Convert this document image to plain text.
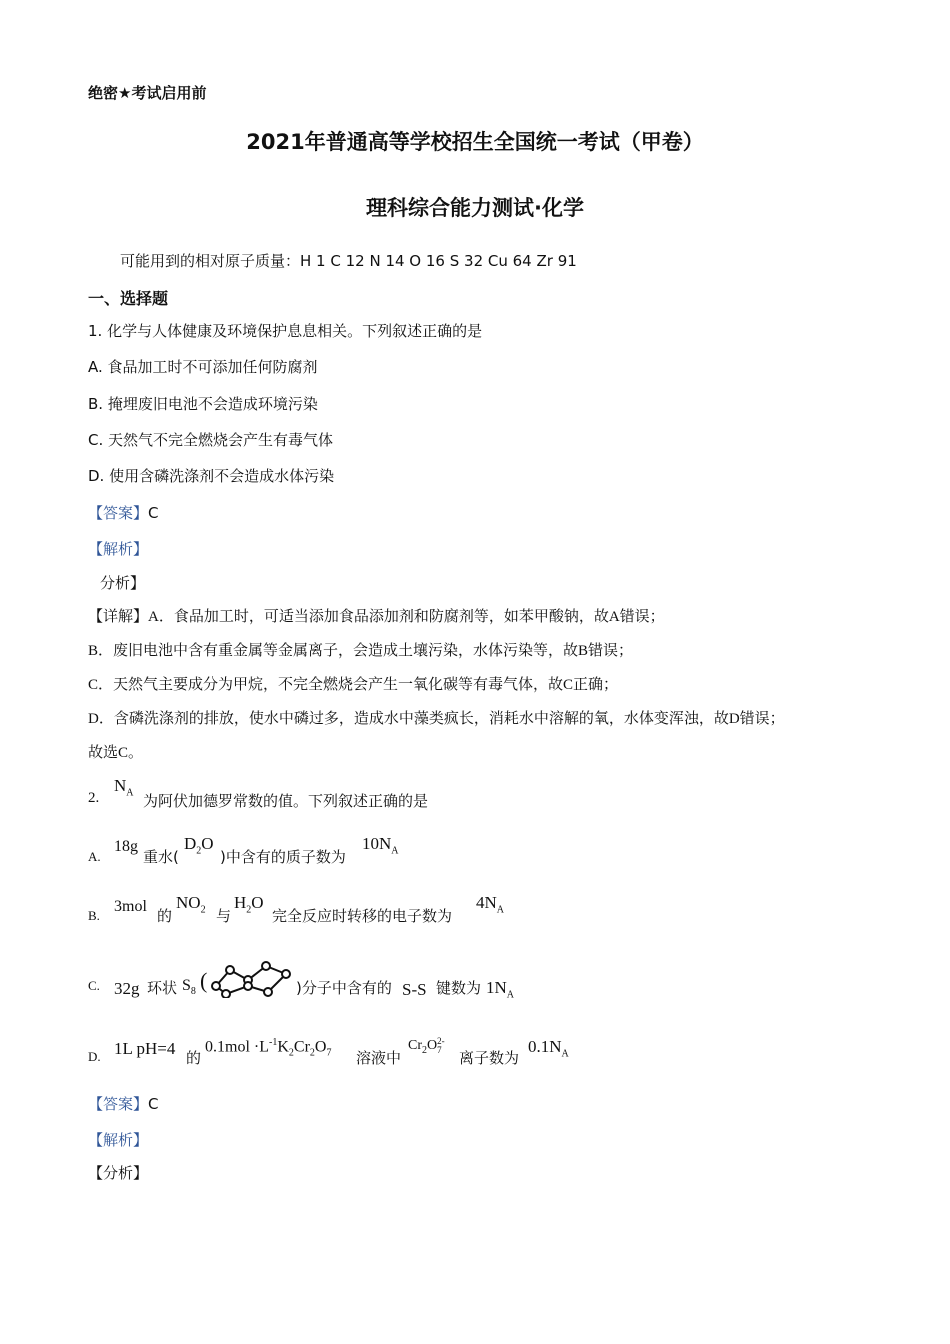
绝密★考试启用前
2021年普通高等学校招生全国统一考试（甲卷）
理科综合能力测试·化学
可能用到的相对原子质量：H 1 C 12 N 14 O 16 S 32 Cu 64 Zr 91
一、选择题
1. 化学与人体健康及环境保护息息相关。下列叙述正确的是
A. 食品加工时不可添加任何防腐剂
B. 掩埋废旧电池不会造成环境污染
C. 天然气不完全燃烧会产生有毒气体
D. 使用含磷洗涤剂不会造成水体污染
【答案】C
【解析】
分析】
【详解】A．食品加工时，可适当添加食品添加剂和防腐剂等，如苯甲酸钠，故A错误；
B．废旧电池中含有重金属等金属离子，会造成土壤污染，水体污染等，故B错误；
C．天然气主要成分为甲烷，不完全燃烧会产生一氧化碳等有毒气体，故C正确；
D．含磷洗涤剂的排放，使水中磷过多，造成水中藻类疯长，消耗水中溶解的氧，水体变浑浊，故D错误；
故选C。
2.
$N_A$ 为阿伏加德罗常数的值。下列叙述正确的是
A.
18g
重水(
$D_2O$
)中含有的质子数为
$10N_A$
B.
3mol
的
$NO_2$ 与
$H_2O$
完全反应时转移的电子数为
$4N_A$
C. 32g 环状 $S_8$ (	)分子中含有的 S-S 键数为 $1N_A$
D. 1L pH=4 的
$0.1mol \cdot L^{-1}K_2Cr_2O_7$ 溶液中
$Cr_2O$ 2-
7 离子数为
$0.1N_A$
【答案】C
【解析】
【分析】
